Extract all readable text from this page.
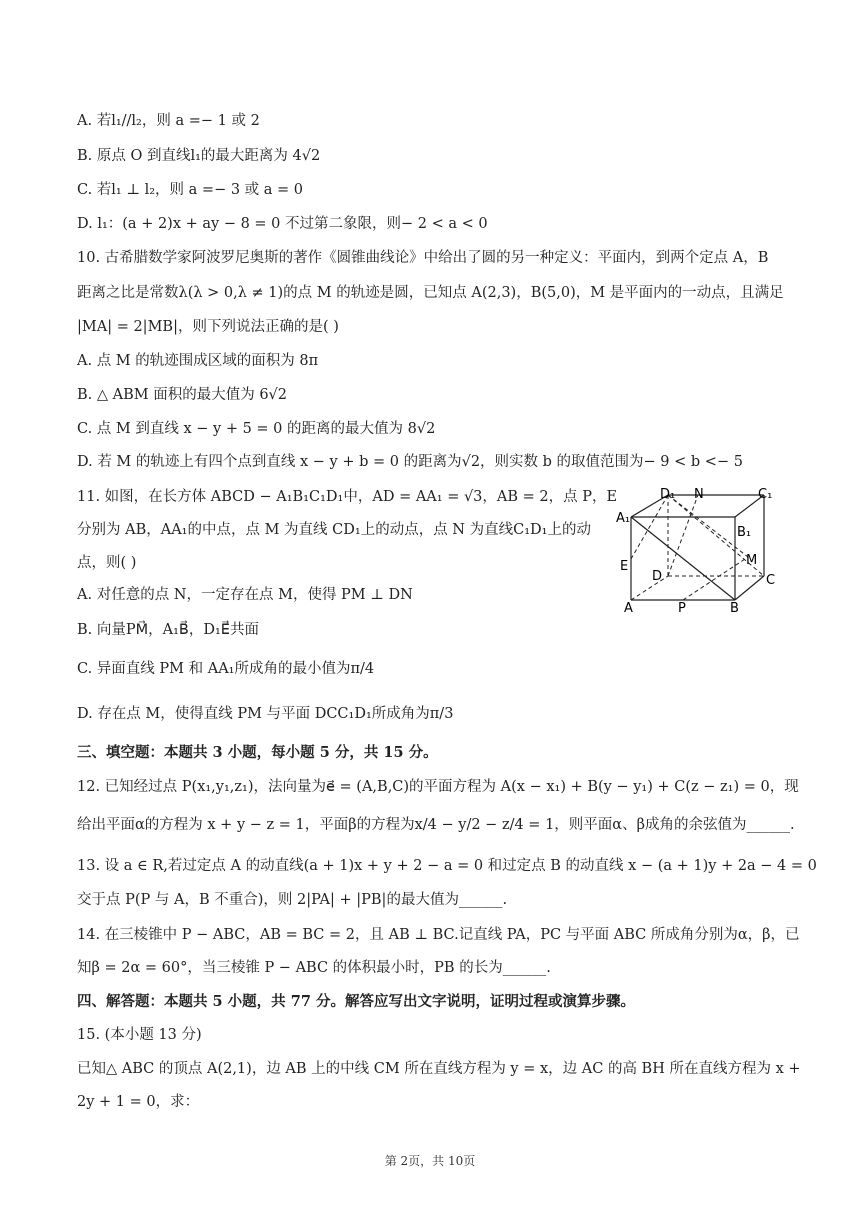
A. 若l₁//l₂，则 a =− 1 或 2
B. 原点 O 到直线l₁的最大距离为 4√2
C. 若l₁ ⊥ l₂，则 a =− 3 或 a = 0
D. l₁：(a + 2)x + ay − 8 = 0 不过第二象限，则− 2 < a < 0
10. 古希腊数学家阿波罗尼奥斯的著作《圆锥曲线论》中给出了圆的另一种定义：平面内，到两个定点 A，B
距离之比是常数λ(λ > 0,λ ≠ 1)的点 M 的轨迹是圆，已知点 A(2,3)，B(5,0)，M 是平面内的一动点，且满足
|MA| = 2|MB|，则下列说法正确的是( )
A. 点 M 的轨迹围成区域的面积为 8π
B. △ ABM 面积的最大值为 6√2
C. 点 M 到直线 x − y + 5 = 0 的距离的最大值为 8√2
D. 若 M 的轨迹上有四个点到直线 x − y + b = 0 的距离为√2，则实数 b 的取值范围为− 9 < b <− 5
11. 如图，在长方体 ABCD − A₁B₁C₁D₁中，AD = AA₁ = √3，AB = 2，点 P，E
分别为 AB，AA₁的中点，点 M 为直线 CD₁上的动点，点 N 为直线C₁D₁上的动
点，则( )
A. 对任意的点 N，一定存在点 M，使得 PM ⊥ DN
B. 向量PM⃗，A₁B⃗，D₁E⃗共面
C. 异面直线 PM 和 AA₁所成角的最小值为π/4
D. 存在点 M，使得直线 PM 与平面 DCC₁D₁所成角为π/3
D₁ N	C₁
A₁
B₁
E	M
D	C
A	P	B
三、填空题：本题共 3 小题，每小题 5 分，共 15 分。
12. 已知经过点 P(x₁,y₁,z₁)，法向量为e⃗ = (A,B,C)的平面方程为 A(x − x₁) + B(y − y₁) + C(z − z₁) = 0，现
给出平面α的方程为 x + y − z = 1，平面β的方程为x/4 − y/2 − z/4 = 1，则平面α、β成角的余弦值为______.
13. 设 a ∈ R,若过定点 A 的动直线(a + 1)x + y + 2 − a = 0 和过定点 B 的动直线 x − (a + 1)y + 2a − 4 = 0
交于点 P(P 与 A，B 不重合)，则 2|PA| + |PB|的最大值为______.
14. 在三棱锥中 P − ABC，AB = BC = 2，且 AB ⊥ BC.记直线 PA，PC 与平面 ABC 所成角分别为α，β，已
知β = 2α = 60°，当三棱锥 P − ABC 的体积最小时，PB 的长为______.
四、解答题：本题共 5 小题，共 77 分。解答应写出文字说明，证明过程或演算步骤。
15. (本小题 13 分)
已知△ ABC 的顶点 A(2,1)，边 AB 上的中线 CM 所在直线方程为 y = x，边 AC 的高 BH 所在直线方程为 x +
2y + 1 = 0，求：
第 2页，共 10页
